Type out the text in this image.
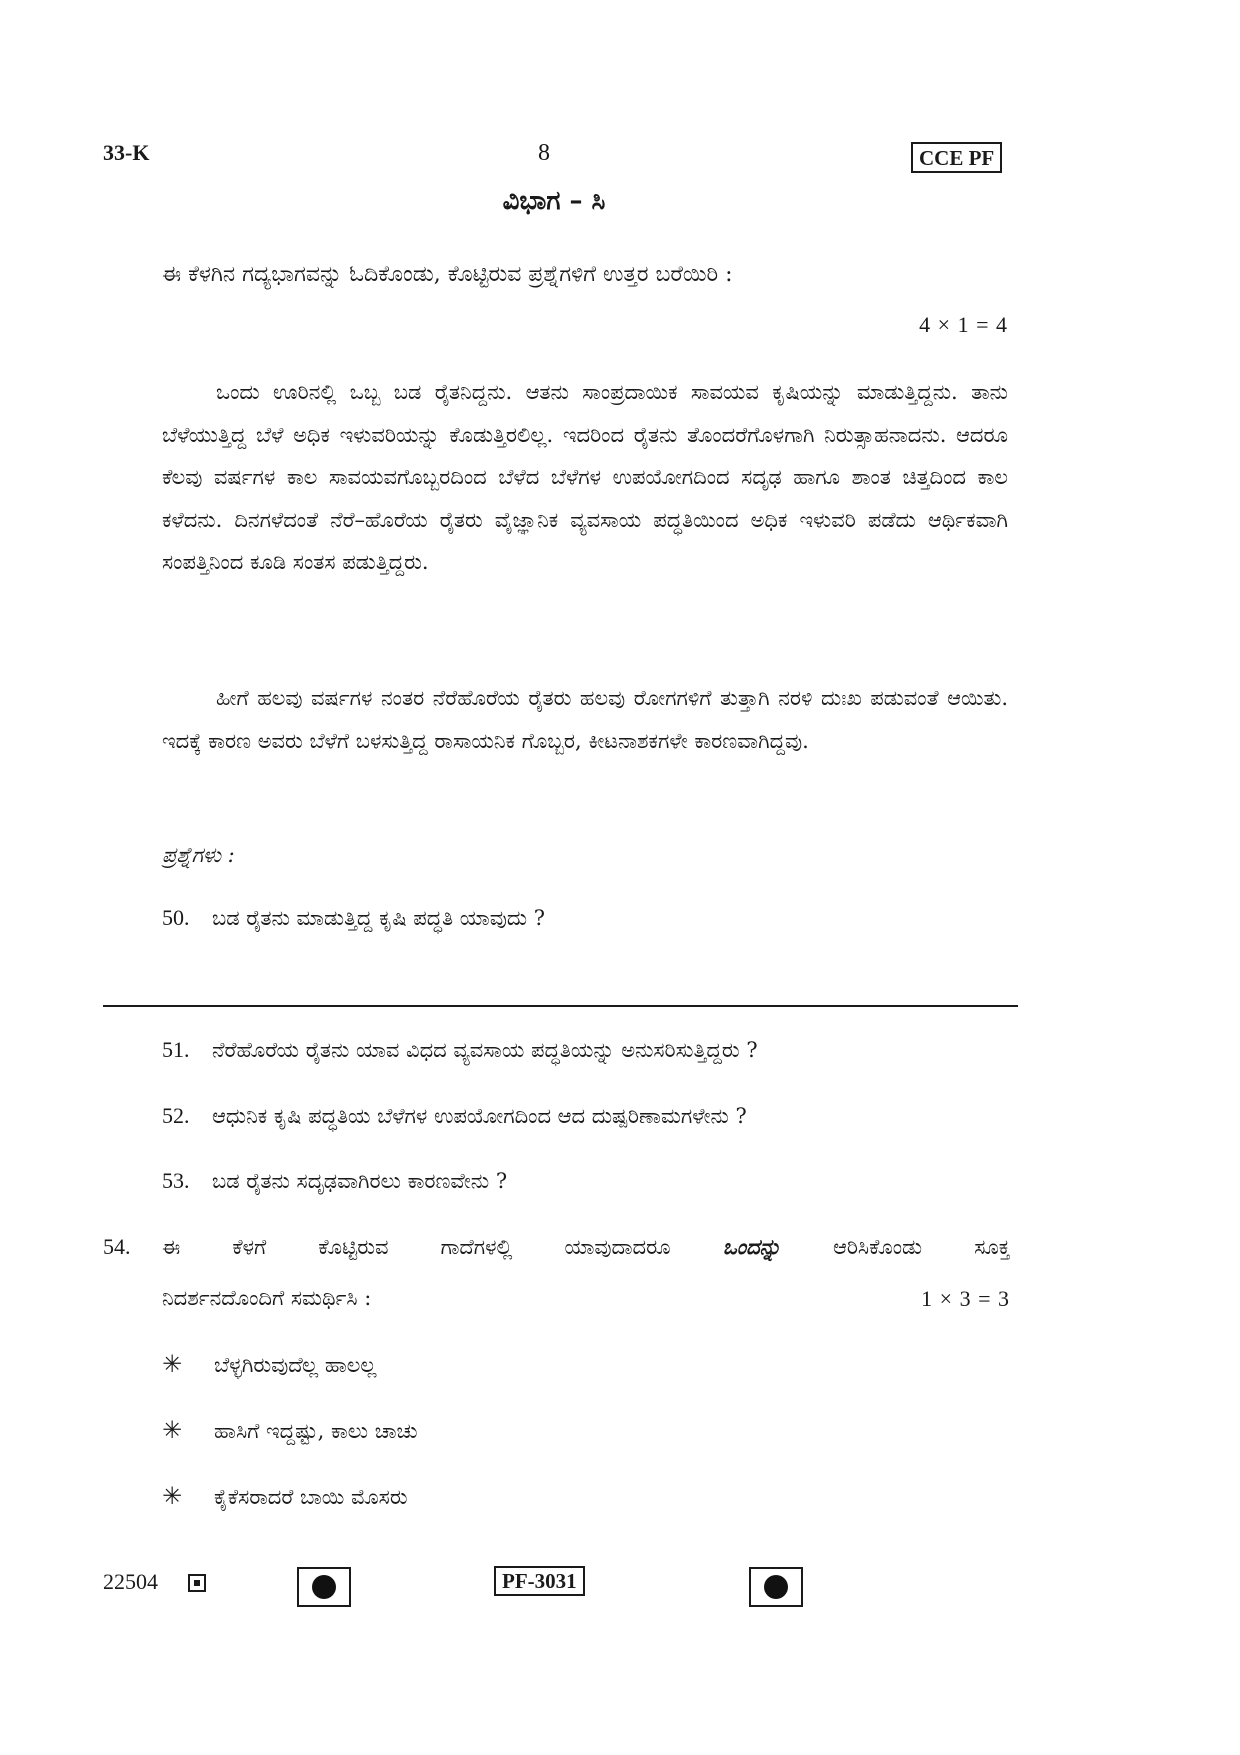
33-K	8	CCE PF
ವಿಭಾಗ – ಸಿ
ಈ ಕೆಳಗಿನ ಗದ್ಯಭಾಗವನ್ನು ಓದಿಕೊಂಡು, ಕೊಟ್ಟಿರುವ ಪ್ರಶ್ನೆಗಳಿಗೆ ಉತ್ತರ ಬರೆಯಿರಿ :
4 × 1 = 4

ಒಂದು ಊರಿನಲ್ಲಿ ಒಬ್ಬ ಬಡ ರೈತನಿದ್ದನು. ಆತನು ಸಾಂಪ್ರದಾಯಿಕ ಸಾವಯವ ಕೃಷಿಯನ್ನು ಮಾಡುತ್ತಿದ್ದನು. ತಾನು ಬೆಳೆಯುತ್ತಿದ್ದ ಬೆಳೆ ಅಧಿಕ ಇಳುವರಿಯನ್ನು ಕೊಡುತ್ತಿರಲಿಲ್ಲ. ಇದರಿಂದ ರೈತನು ತೊಂದರೆಗೊಳಗಾಗಿ ನಿರುತ್ಸಾಹನಾದನು. ಆದರೂ ಕೆಲವು ವರ್ಷಗಳ ಕಾಲ ಸಾವಯವಗೊಬ್ಬರದಿಂದ ಬೆಳೆದ ಬೆಳೆಗಳ ಉಪಯೋಗದಿಂದ ಸದೃಢ ಹಾಗೂ ಶಾಂತ ಚಿತ್ತದಿಂದ ಕಾಲ ಕಳೆದನು. ದಿನಗಳೆದಂತೆ ನೆರೆ–ಹೊರೆಯ ರೈತರು ವೈಜ್ಞಾನಿಕ ವ್ಯವಸಾಯ ಪದ್ಧತಿಯಿಂದ ಅಧಿಕ ಇಳುವರಿ ಪಡೆದು ಆರ್ಥಿಕವಾಗಿ ಸಂಪತ್ತಿನಿಂದ ಕೂಡಿ ಸಂತಸ ಪಡುತ್ತಿದ್ದರು.

ಹೀಗೆ ಹಲವು ವರ್ಷಗಳ ನಂತರ ನೆರೆಹೊರೆಯ ರೈತರು ಹಲವು ರೋಗಗಳಿಗೆ ತುತ್ತಾಗಿ ನರಳಿ ದುಃಖ ಪಡುವಂತೆ ಆಯಿತು. ಇದಕ್ಕೆ ಕಾರಣ ಅವರು ಬೆಳೆಗೆ ಬಳಸುತ್ತಿದ್ದ ರಾಸಾಯನಿಕ ಗೊಬ್ಬರ, ಕೀಟನಾಶಕಗಳೇ ಕಾರಣವಾಗಿದ್ದವು.

ಪ್ರಶ್ನೆಗಳು :
50. ಬಡ ರೈತನು ಮಾಡುತ್ತಿದ್ದ ಕೃಷಿ ಪದ್ಧತಿ ಯಾವುದು ?
51. ನೆರೆಹೊರೆಯ ರೈತನು ಯಾವ ವಿಧದ ವ್ಯವಸಾಯ ಪದ್ಧತಿಯನ್ನು ಅನುಸರಿಸುತ್ತಿದ್ದರು ?
52. ಆಧುನಿಕ ಕೃಷಿ ಪದ್ಧತಿಯ ಬೆಳೆಗಳ ಉಪಯೋಗದಿಂದ ಆದ ದುಷ್ಪರಿಣಾಮಗಳೇನು ?
53. ಬಡ ರೈತನು ಸದೃಢವಾಗಿರಲು ಕಾರಣವೇನು ?
54. ಈ ಕೆಳಗೆ ಕೊಟ್ಟಿರುವ ಗಾದೆಗಳಲ್ಲಿ ಯಾವುದಾದರೂ ಒಂದನ್ನು ಆರಿಸಿಕೊಂಡು ಸೂಕ್ತ
ನಿದರ್ಶನದೊಂದಿಗೆ ಸಮರ್ಥಿಸಿ :	1 × 3 = 3
✳ ಬೆಳ್ಳಗಿರುವುದೆಲ್ಲ ಹಾಲಲ್ಲ
✳ ಹಾಸಿಗೆ ಇದ್ದಷ್ಟು, ಕಾಲು ಚಾಚು
✳ ಕೈಕೆಸರಾದರೆ ಬಾಯಿ ಮೊಸರು
22504	PF-3031
